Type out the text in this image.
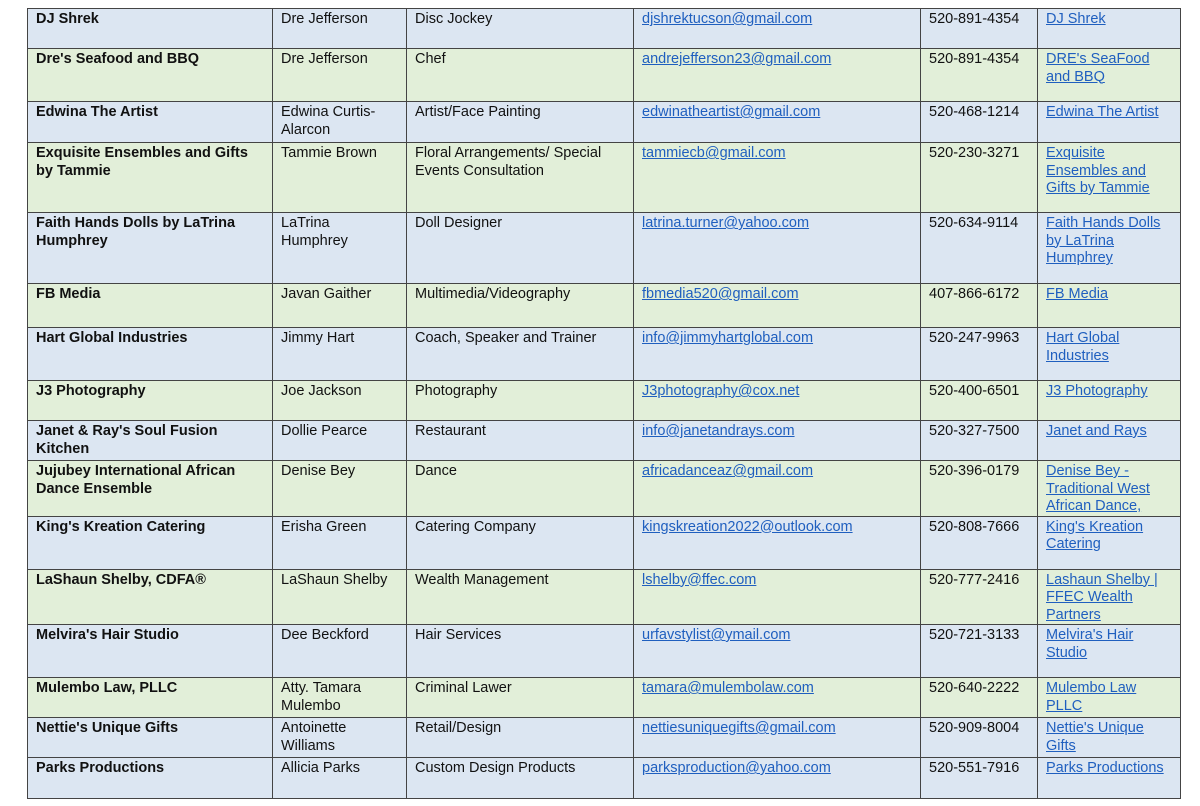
DJ Shrek	Dre Jefferson	Disc Jockey	djshrektucson@gmail.com	520-891-4354	DJ Shrek
Dre's Seafood and BBQ	Dre Jefferson	Chef	andrejefferson23@gmail.com	520-891-4354	DRE's SeaFood and BBQ
Edwina The Artist	Edwina Curtis-Alarcon	Artist/Face Painting	edwinatheartist@gmail.com	520-468-1214	Edwina The Artist
Exquisite Ensembles and Gifts by Tammie	Tammie Brown	Floral Arrangements/ Special Events Consultation	tammiecb@gmail.com	520-230-3271	Exquisite Ensembles and Gifts by Tammie
Faith Hands Dolls by LaTrina Humphrey	LaTrina Humphrey	Doll Designer	latrina.turner@yahoo.com	520-634-9114	Faith Hands Dolls by LaTrina Humphrey
FB Media	Javan Gaither	Multimedia/Videography	fbmedia520@gmail.com	407-866-6172	FB Media
Hart Global Industries	Jimmy Hart	Coach, Speaker and Trainer	info@jimmyhartglobal.com	520-247-9963	Hart Global Industries
J3 Photography	Joe Jackson	Photography	J3photography@cox.net	520-400-6501	J3 Photography
Janet & Ray's Soul Fusion Kitchen	Dollie Pearce	Restaurant	info@janetandrays.com	520-327-7500	Janet and Rays
Jujubey International African Dance Ensemble	Denise Bey	Dance	africadanceaz@gmail.com	520-396-0179	Denise Bey - Traditional West African Dance,
King's Kreation Catering	Erisha Green	Catering Company	kingskreation2022@outlook.com	520-808-7666	King's Kreation Catering
LaShaun Shelby, CDFA®	LaShaun Shelby	Wealth Management	lshelby@ffec.com	520-777-2416	Lashaun Shelby | FFEC Wealth Partners
Melvira's Hair Studio	Dee Beckford	Hair Services	urfavstylist@ymail.com	520-721-3133	Melvira's Hair Studio
Mulembo Law, PLLC	Atty. Tamara Mulembo	Criminal Lawer	tamara@mulembolaw.com	520-640-2222	Mulembo Law PLLC
Nettie's Unique Gifts	Antoinette Williams	Retail/Design	nettiesuniquegifts@gmail.com	520-909-8004	Nettie's Unique Gifts
Parks Productions	Allicia Parks	Custom Design Products	parksproduction@yahoo.com	520-551-7916	Parks Productions
